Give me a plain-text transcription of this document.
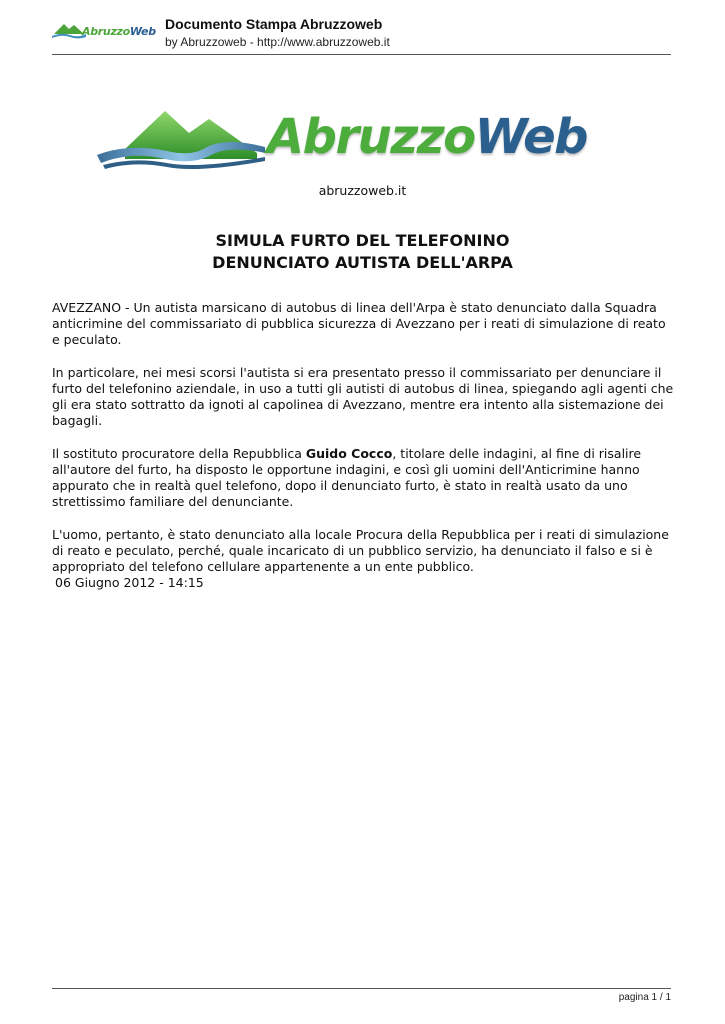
AbruzzoWeb Documento Stampa Abruzzoweb
by Abruzzoweb - http://www.abruzzoweb.it
AbruzzoWeb
abruzzoweb.it
SIMULA FURTO DEL TELEFONINO
DENUNCIATO AUTISTA DELL'ARPA

AVEZZANO - Un autista marsicano di autobus di linea dell'Arpa è stato denunciato dalla Squadra anticrimine del commissariato di pubblica sicurezza di Avezzano per i reati di simulazione di reato e peculato.

In particolare, nei mesi scorsi l'autista si era presentato presso il commissariato per denunciare il furto del telefonino aziendale, in uso a tutti gli autisti di autobus di linea, spiegando agli agenti che gli era stato sottratto da ignoti al capolinea di Avezzano, mentre era intento alla sistemazione dei bagagli.

Il sostituto procuratore della Repubblica Guido Cocco, titolare delle indagini, al fine di risalire all'autore del furto, ha disposto le opportune indagini, e così gli uomini dell'Anticrimine hanno appurato che in realtà quel telefono, dopo il denunciato furto, è stato in realtà usato da uno strettissimo familiare del denunciante.

L'uomo, pertanto, è stato denunciato alla locale Procura della Repubblica per i reati di simulazione di reato e peculato, perché, quale incaricato di un pubblico servizio, ha denunciato il falso e si è appropriato del telefono cellulare appartenente a un ente pubblico.

06 Giugno 2012 - 14:15
pagina 1 / 1
